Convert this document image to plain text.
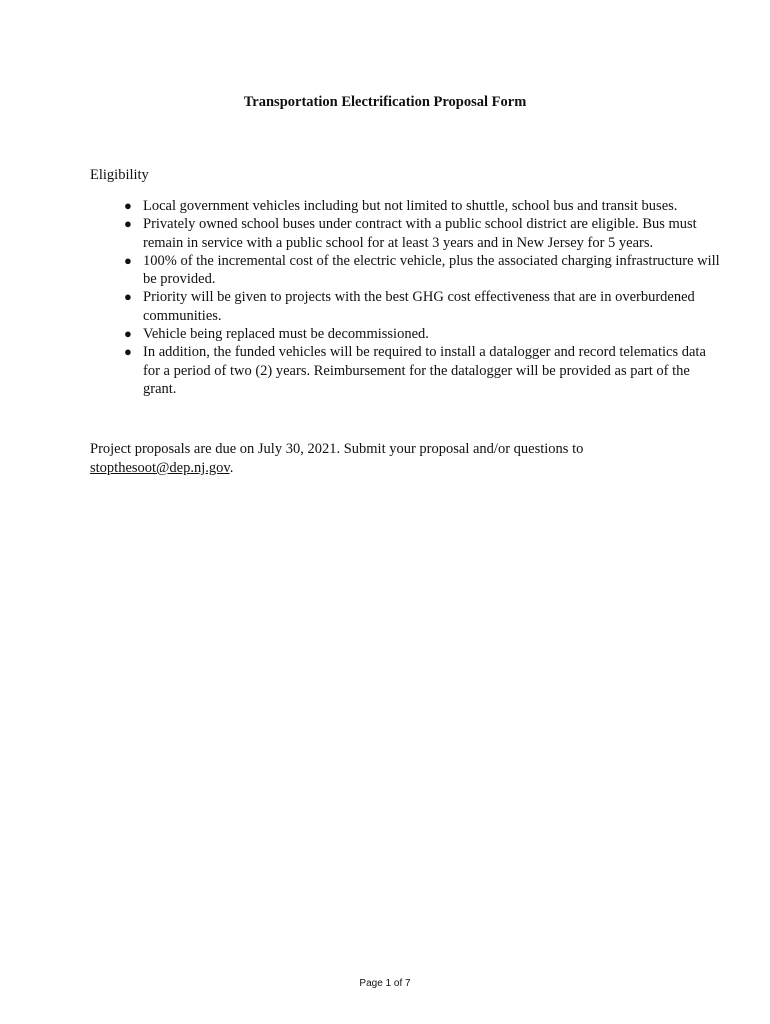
Transportation Electrification Proposal Form
Eligibility
● Local government vehicles including but not limited to shuttle, school bus and transit buses.
● Privately owned school buses under contract with a public school district are eligible. Bus must remain in service with a public school for at least 3 years and in New Jersey for 5 years.
● 100% of the incremental cost of the electric vehicle, plus the associated charging infrastructure will be provided.
● Priority will be given to projects with the best GHG cost effectiveness that are in overburdened communities.
● Vehicle being replaced must be decommissioned.
● In addition, the funded vehicles will be required to install a datalogger and record telematics data for a period of two (2) years. Reimbursement for the datalogger will be provided as part of the grant.
Project proposals are due on July 30, 2021. Submit your proposal and/or questions to stopthesoot@dep.nj.gov.
Page 1 of 7
